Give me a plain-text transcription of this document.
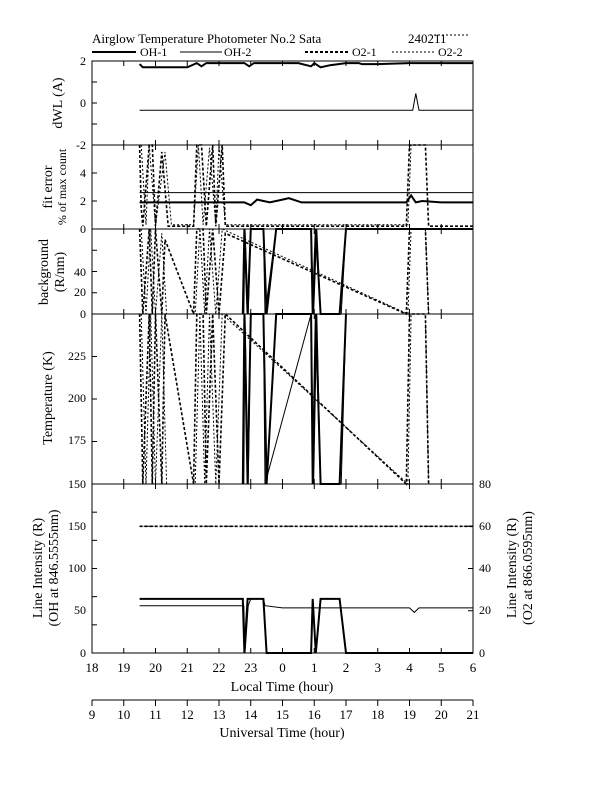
Airglow Temperature Photometer No.2 Sata	240211
OH-1	OH-2	O2-1	O2-2
2
0
-2
4
2
0
40
20
0
225
200
175
150
150
100
50
0
80
60
40
20
0
dWL (A)
fit error % of max count
background (R/nm)
Temperature (K)
Line Intensity (R) (OH at 846.5555nm)	Line Intensity (R) (O2 at 866.0595nm)
Local Time (hour)
Universal Time (hour)
18 19 20 21 22 23 0 1 2 3 4 5 6
9 10 11 12 13 14 15 16 17 18 19 20 21
